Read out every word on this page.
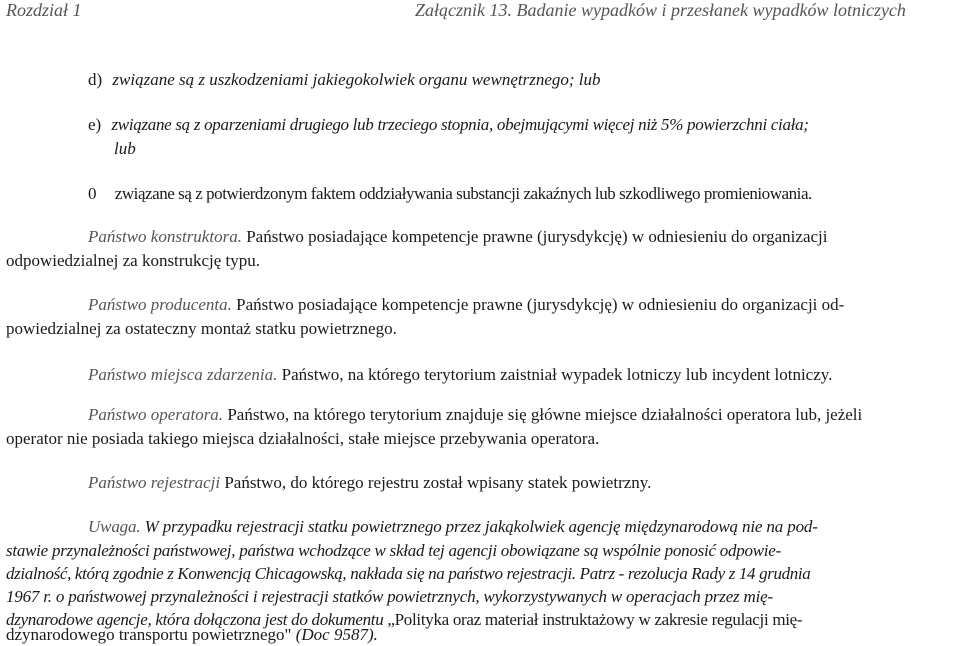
Rozdział 1	Załącznik 13. Badanie wypadków i przesłanek wypadków lotniczych
d) związane są z uszkodzeniami jakiegokolwiek organu wewnętrznego; lub
e) związane są z oparzeniami drugiego lub trzeciego stopnia, obejmującymi więcej niż 5% powierzchni ciała;
lub
0 związane są z potwierdzonym faktem oddziaływania substancji zakaźnych lub szkodliwego promieniowania.
Państwo konstruktora. Państwo posiadające kompetencje prawne (jurysdykcję) w odniesieniu do organizacji
odpowiedzialnej za konstrukcję typu.
Państwo producenta. Państwo posiadające kompetencje prawne (jurysdykcję) w odniesieniu do organizacji od-
powiedzialnej za ostateczny montaż statku powietrznego.
Państwo miejsca zdarzenia. Państwo, na którego terytorium zaistniał wypadek lotniczy lub incydent lotniczy.
Państwo operatora. Państwo, na którego terytorium znajduje się główne miejsce działalności operatora lub, jeżeli
operator nie posiada takiego miejsca działalności, stałe miejsce przebywania operatora.
Państwo rejestracji Państwo, do którego rejestru został wpisany statek powietrzny.
Uwaga. W przypadku rejestracji statku powietrznego przez jakąkolwiek agencję międzynarodową nie na pod-
stawie przynależności państwowej, państwa wchodzące w skład tej agencji obowiązane są wspólnie ponosić odpowie-
dzialność, którą zgodnie z Konwencją Chicagowską, nakłada się na państwo rejestracji. Patrz - rezolucja Rady z 14 grudnia
1967 r. o państwowej przynależności i rejestracji statków powietrznych, wykorzystywanych w operacjach przez mię-
dzynarodowe agencje, która dołączona jest do dokumentu „Polityka oraz materiał instruktażowy w zakresie regulacji mię-
dzynarodowego transportu powietrznego" (Doc 9587).
